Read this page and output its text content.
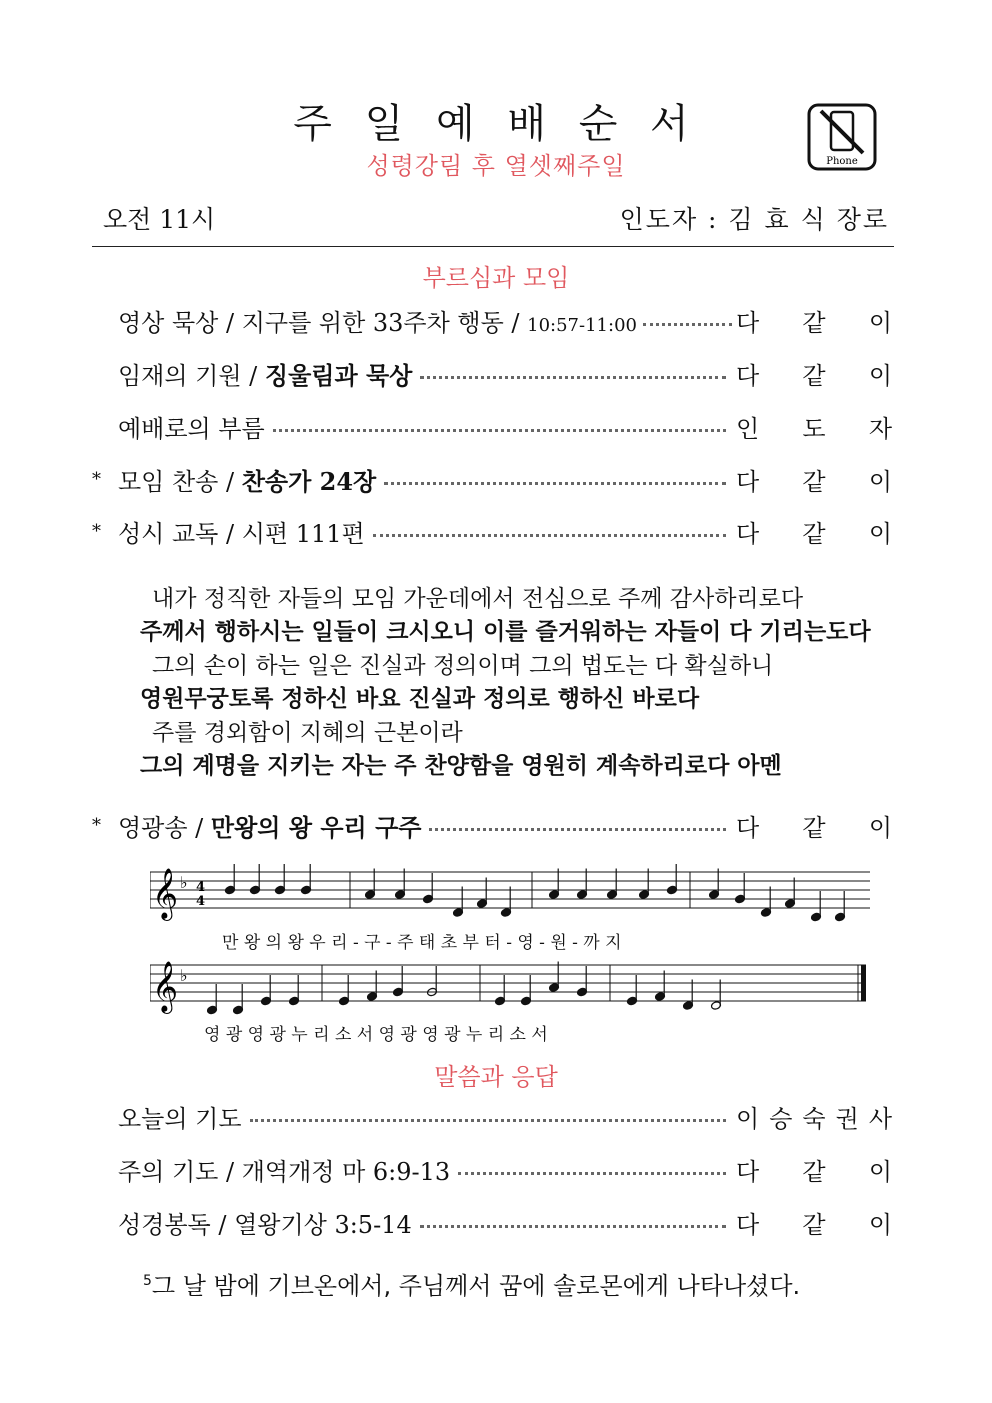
주 일 예 배 순 서
성령강림 후 열셋째주일	Phone
오전 11시	인도자 : 김 효 식 장로
부르심과 모임
영상 묵상 / 지구를 위한 33주차 행동 / 10:57-11:00	다 같 이
임재의 기원 / 징울림과 묵상	다 같 이
예배로의 부름	인 도 자
* 모임 찬송 / 찬송가 24장	다 같 이
* 성시 교독 / 시편 111편	다 같 이
내가 정직한 자들의 모임 가운데에서 전심으로 주께 감사하리로다
주께서 행하시는 일들이 크시오니 이를 즐거워하는 자들이 다 기리는도다
그의 손이 하는 일은 진실과 정의이며 그의 법도는 다 확실하니
영원무궁토록 정하신 바요 진실과 정의로 행하신 바로다
주를 경외함이 지혜의 근본이라
그의 계명을 지키는 자는 주 찬양함을 영원히 계속하리로다 아멘
* 영광송 / 만왕의 왕 우리 구주	다 같 이
𝄞 ♭
𝄞 ♭
4
4
만 왕 의 왕 우 리 - 구 - 주 태 초 부 터 - 영 - 원 - 까 지
영 광 영 광 누 리 소 서 영 광 영 광 누 리 소 서
말씀과 응답
오늘의 기도	이 승 숙 권 사
주의 기도 / 개역개정 마 6:9-13	다 같 이
성경봉독 / 열왕기상 3:5-14	다 같 이
$^5$그 날 밤에 기브온에서, 주님께서 꿈에 솔로몬에게 나타나셨다.
